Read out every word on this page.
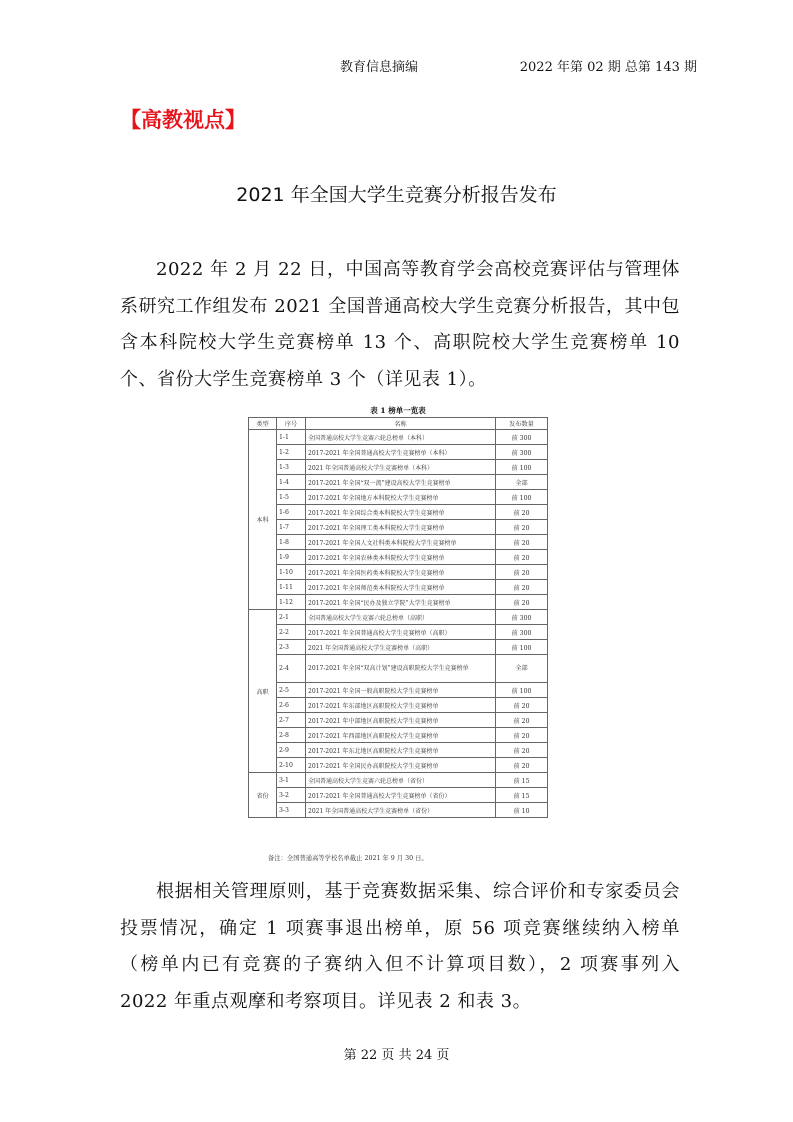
教育信息摘编	2022 年第 02 期 总第 143 期
【高教视点】
2021 年全国大学生竞赛分析报告发布

2022 年 2 月 22 日，中国高等教育学会高校竞赛评估与管理体系研究工作组发布 2021 全国普通高校大学生竞赛分析报告，其中包含本科院校大学生竞赛榜单 13 个、高职院校大学生竞赛榜单 10 个、省份大学生竞赛榜单 3 个（详见表 1）。

表 1 榜单一览表
类型	序号	名称	发布数量
本科	1-1	全国普通高校大学生竞赛六轮总榜单（本科）	前 300
	1-2	2017-2021 年全国普通高校大学生竞赛榜单（本科）	前 300
	1-3	2021 年全国普通高校大学生竞赛榜单（本科）	前 100
	1-4	2017-2021 年全国“双一流”建设高校大学生竞赛榜单	全部
	1-5	2017-2021 年全国地方本科院校大学生竞赛榜单	前 100
	1-6	2017-2021 年全国综合类本科院校大学生竞赛榜单	前 20
	1-7	2017-2021 年全国理工类本科院校大学生竞赛榜单	前 20
	1-8	2017-2021 年全国人文社科类本科院校大学生竞赛榜单	前 20
	1-9	2017-2021 年全国农林类本科院校大学生竞赛榜单	前 20
	1-10	2017-2021 年全国医药类本科院校大学生竞赛榜单	前 20
	1-11	2017-2021 年全国师范类本科院校大学生竞赛榜单	前 20
	1-12	2017-2021 年全国“民办及独立学院”大学生竞赛榜单	前 20
高职	2-1	全国普通高校大学生竞赛六轮总榜单（高职）	前 300
	2-2	2017-2021 年全国普通高校大学生竞赛榜单（高职）	前 300
	2-3	2021 年全国普通高校大学生竞赛榜单（高职）	前 100
	2-4	2017-2021 年全国“双高计划”建设高职院校大学生竞赛榜单	全部
	2-5	2017-2021 年全国一般高职院校大学生竞赛榜单	前 100
	2-6	2017-2021 年东部地区高职院校大学生竞赛榜单	前 20
	2-7	2017-2021 年中部地区高职院校大学生竞赛榜单	前 20
	2-8	2017-2021 年西部地区高职院校大学生竞赛榜单	前 20
	2-9	2017-2021 年东北地区高职院校大学生竞赛榜单	前 20
	2-10	2017-2021 年全国民办高职院校大学生竞赛榜单	前 20
省份	3-1	全国普通高校大学生竞赛六轮总榜单（省份）	前 15
	3-2	2017-2021 年全国普通高校大学生竞赛榜单（省份）	前 15
	3-3	2021 年全国普通高校大学生竞赛榜单（省份）	前 10
备注：全国普通高等学校名单截止 2021 年 9 月 30 日。

根据相关管理原则，基于竞赛数据采集、综合评价和专家委员会投票情况，确定 1 项赛事退出榜单，原 56 项竞赛继续纳入榜单（榜单内已有竞赛的子赛纳入但不计算项目数），2 项赛事列入 2022 年重点观摩和考察项目。详见表 2 和表 3。

第 22 页 共 24 页
